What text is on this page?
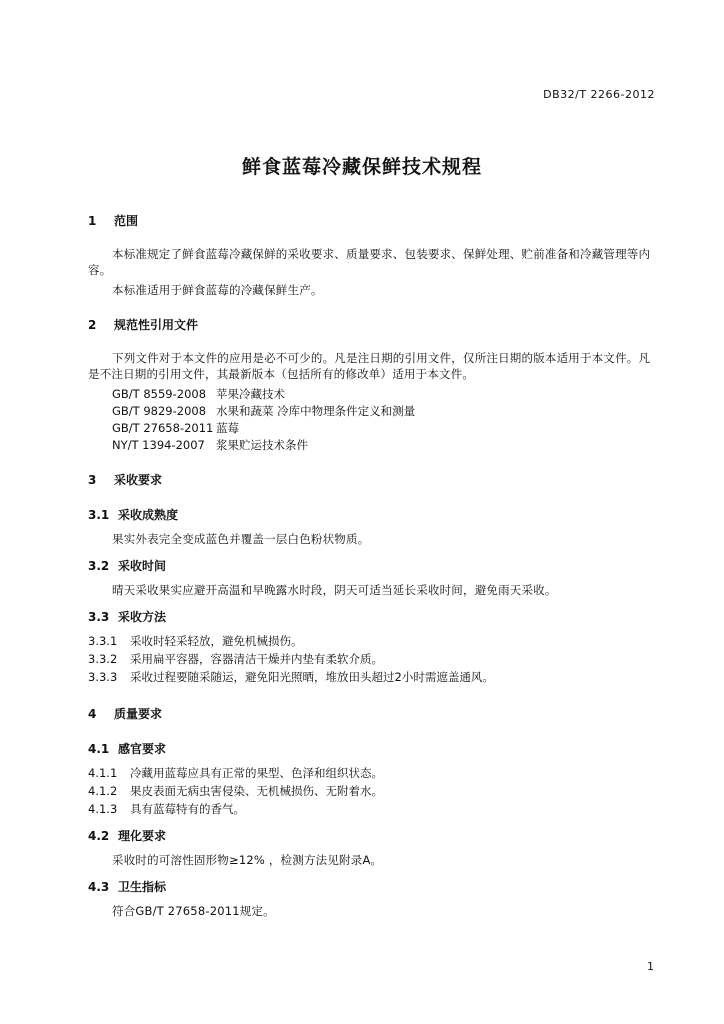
DB32/T 2266-2012
鲜食蓝莓冷藏保鲜技术规程
1 范围
本标准规定了鲜食蓝莓冷藏保鲜的采收要求、质量要求、包装要求、保鲜处理、贮前准备和冷藏管理等内容。
本标准适用于鲜食蓝莓的冷藏保鲜生产。
2 规范性引用文件
下列文件对于本文件的应用是必不可少的。凡是注日期的引用文件，仅所注日期的版本适用于本文件。凡是不注日期的引用文件，其最新版本（包括所有的修改单）适用于本文件。
GB/T 8559-2008 苹果冷藏技术
GB/T 9829-2008 水果和蔬菜 冷库中物理条件定义和测量
GB/T 27658-2011 蓝莓
NY/T 1394-2007 浆果贮运技术条件
3 采收要求
3.1 采收成熟度
果实外表完全变成蓝色并覆盖一层白色粉状物质。
3.2 采收时间
晴天采收果实应避开高温和早晚露水时段，阴天可适当延长采收时间，避免雨天采收。
3.3 采收方法
3.3.1 采收时轻采轻放，避免机械损伤。
3.3.2 采用扁平容器，容器清洁干燥并内垫有柔软介质。
3.3.3 采收过程要随采随运，避免阳光照晒，堆放田头超过2小时需遮盖通风。
4 质量要求
4.1 感官要求
4.1.1 冷藏用蓝莓应具有正常的果型、色泽和组织状态。
4.1.2 果皮表面无病虫害侵染、无机械损伤、无附着水。
4.1.3 具有蓝莓特有的香气。
4.2 理化要求
采收时的可溶性固形物≥12% ，检测方法见附录A。
4.3 卫生指标
符合GB/T 27658-2011规定。
1
